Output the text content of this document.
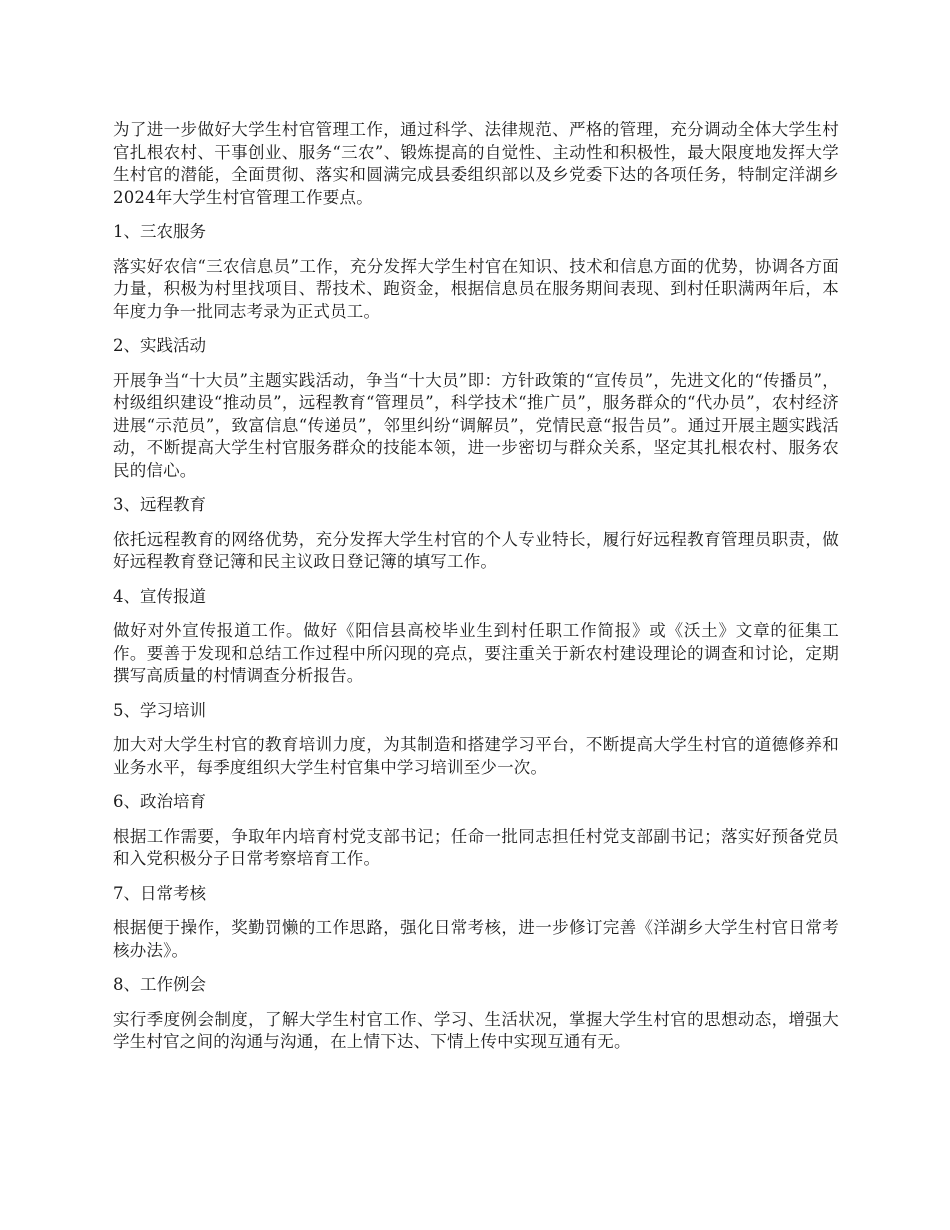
为了进一步做好大学生村官管理工作，通过科学、法律规范、严格的管理，充分调动全体大学生村官扎根农村、干事创业、服务“三农”、锻炼提高的自觉性、主动性和积极性，最大限度地发挥大学生村官的潜能，全面贯彻、落实和圆满完成县委组织部以及乡党委下达的各项任务，特制定洋湖乡2024年大学生村官管理工作要点。

1、三农服务

落实好农信“三农信息员”工作，充分发挥大学生村官在知识、技术和信息方面的优势，协调各方面力量，积极为村里找项目、帮技术、跑资金，根据信息员在服务期间表现、到村任职满两年后，本年度力争一批同志考录为正式员工。

2、实践活动

开展争当“十大员”主题实践活动，争当“十大员”即：方针政策的“宣传员”，先进文化的“传播员”，村级组织建设“推动员”，远程教育“管理员”，科学技术“推广员”，服务群众的“代办员”，农村经济进展“示范员”，致富信息“传递员”，邻里纠纷“调解员”，党情民意“报告员”。通过开展主题实践活动，不断提高大学生村官服务群众的技能本领，进一步密切与群众关系，坚定其扎根农村、服务农民的信心。

3、远程教育

依托远程教育的网络优势，充分发挥大学生村官的个人专业特长，履行好远程教育管理员职责，做好远程教育登记簿和民主议政日登记簿的填写工作。

4、宣传报道

做好对外宣传报道工作。做好《阳信县高校毕业生到村任职工作简报》或《沃土》文章的征集工作。要善于发现和总结工作过程中所闪现的亮点，要注重关于新农村建设理论的调查和讨论，定期撰写高质量的村情调查分析报告。

5、学习培训

加大对大学生村官的教育培训力度，为其制造和搭建学习平台，不断提高大学生村官的道德修养和业务水平，每季度组织大学生村官集中学习培训至少一次。

6、政治培育

根据工作需要，争取年内培育村党支部书记；任命一批同志担任村党支部副书记；落实好预备党员和入党积极分子日常考察培育工作。

7、日常考核

根据便于操作，奖勤罚懒的工作思路，强化日常考核，进一步修订完善《洋湖乡大学生村官日常考核办法》。

8、工作例会

实行季度例会制度，了解大学生村官工作、学习、生活状况，掌握大学生村官的思想动态，增强大学生村官之间的沟通与沟通，在上情下达、下情上传中实现互通有无。
